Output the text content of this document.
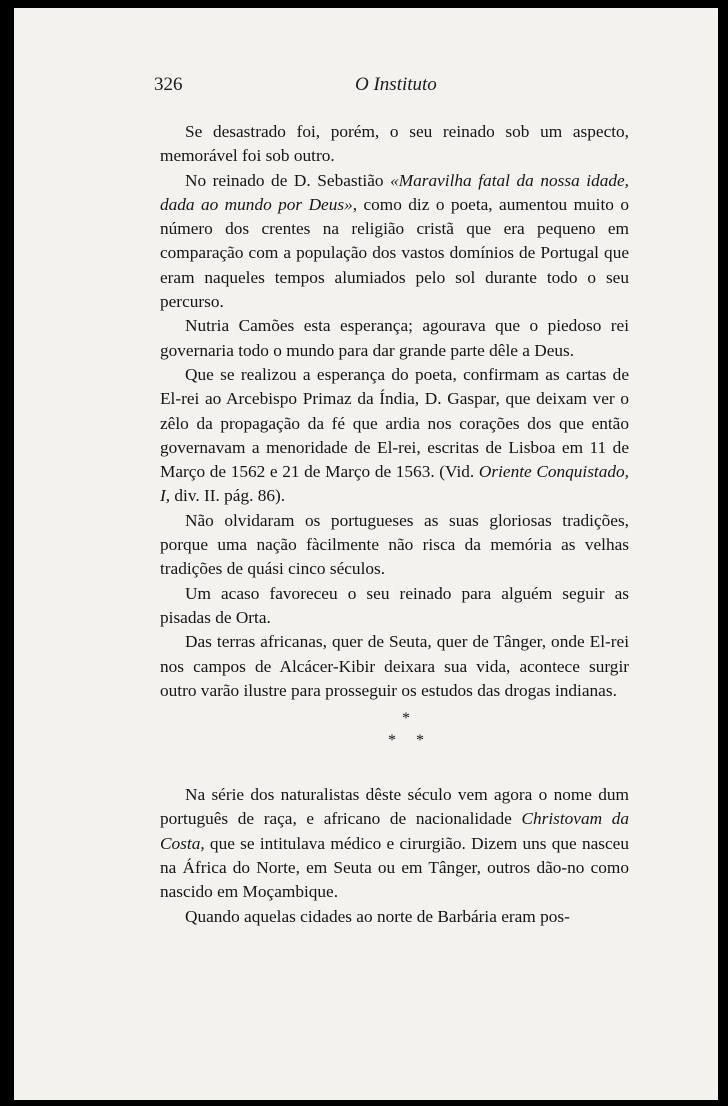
326	O Instituto

Se desastrado foi, porém, o seu reinado sob um aspecto, memorável foi sob outro.

No reinado de D. Sebastião «Maravilha fatal da nossa idade, dada ao mundo por Deus», como diz o poeta, aumentou muito o número dos crentes na religião cristã que era pequeno em comparação com a população dos vastos domínios de Portugal que eram naqueles tempos alumiados pelo sol durante todo o seu percurso.

Nutria Camões esta esperança; agourava que o piedoso rei governaria todo o mundo para dar grande parte dêle a Deus.

Que se realizou a esperança do poeta, confirmam as cartas de El-rei ao Arcebispo Primaz da Índia, D. Gaspar, que deixam ver o zêlo da propagação da fé que ardia nos corações dos que então governavam a menoridade de El-rei, escritas de Lisboa em 11 de Março de 1562 e 21 de Março de 1563. (Vid. Oriente Conquistado, I, div. II. pág. 86).

Não olvidaram os portugueses as suas gloriosas tradições, porque uma nação fàcilmente não risca da memória as velhas tradições de quási cinco séculos.

Um acaso favoreceu o seu reinado para alguém seguir as pisadas de Orta.

Das terras africanas, quer de Seuta, quer de Tânger, onde El-rei nos campos de Alcácer-Kibir deixara sua vida, acontece surgir outro varão ilustre para prosseguir os estudos das drogas indianas.

*
* *

Na série dos naturalistas dêste século vem agora o nome dum português de raça, e africano de nacionalidade Christovam da Costa, que se intitulava médico e cirurgião. Dizem uns que nasceu na África do Norte, em Seuta ou em Tânger, outros dão-no como nascido em Moçambique.

Quando aquelas cidades ao norte de Barbária eram pos-
